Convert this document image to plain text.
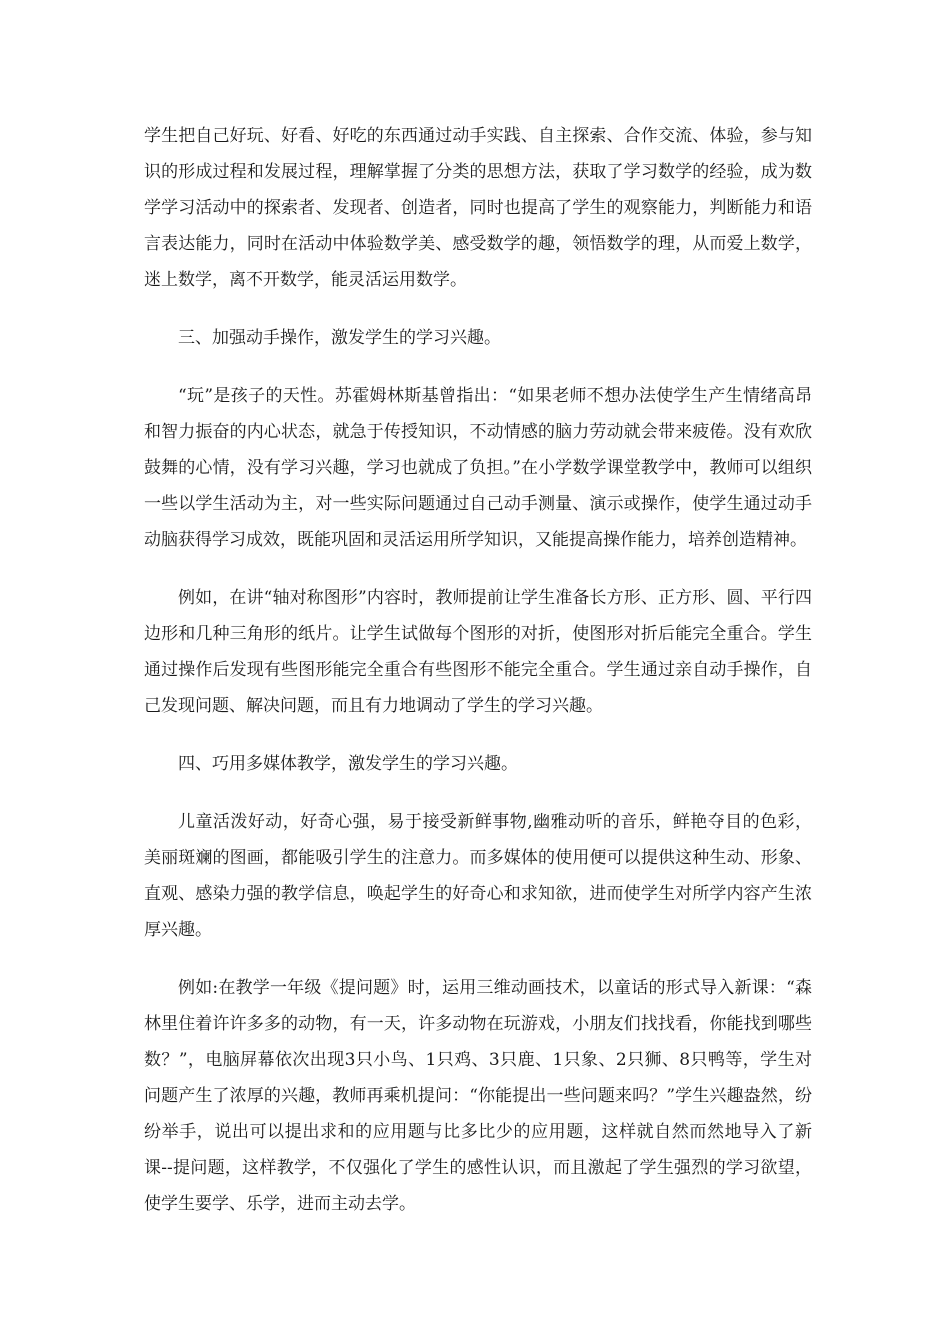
学生把自己好玩、好看、好吃的东西通过动手实践、自主探索、合作交流、体验，参与知识的形成过程和发展过程，理解掌握了分类的思想方法，获取了学习数学的经验，成为数学学习活动中的探索者、发现者、创造者，同时也提高了学生的观察能力，判断能力和语言表达能力，同时在活动中体验数学美、感受数学的趣，领悟数学的理，从而爱上数学，迷上数学，离不开数学，能灵活运用数学。

三、加强动手操作，激发学生的学习兴趣。

“玩”是孩子的天性。苏霍姆林斯基曾指出：“如果老师不想办法使学生产生情绪高昂和智力振奋的内心状态，就急于传授知识，不动情感的脑力劳动就会带来疲倦。没有欢欣鼓舞的心情，没有学习兴趣，学习也就成了负担。”在小学数学课堂教学中，教师可以组织一些以学生活动为主，对一些实际问题通过自己动手测量、演示或操作，使学生通过动手动脑获得学习成效，既能巩固和灵活运用所学知识，又能提高操作能力，培养创造精神。

例如，在讲“轴对称图形”内容时，教师提前让学生准备长方形、正方形、圆、平行四边形和几种三角形的纸片。让学生试做每个图形的对折，使图形对折后能完全重合。学生通过操作后发现有些图形能完全重合有些图形不能完全重合。学生通过亲自动手操作，自己发现问题、解决问题，而且有力地调动了学生的学习兴趣。

四、巧用多媒体教学，激发学生的学习兴趣。

儿童活泼好动，好奇心强，易于接受新鲜事物,幽雅动听的音乐，鲜艳夺目的色彩，美丽斑斓的图画，都能吸引学生的注意力。而多媒体的使用便可以提供这种生动、形象、直观、感染力强的教学信息，唤起学生的好奇心和求知欲，进而使学生对所学内容产生浓厚兴趣。

例如:在教学一年级《提问题》时，运用三维动画技术，以童话的形式导入新课：“森林里住着许许多多的动物，有一天，许多动物在玩游戏，小朋友们找找看，你能找到哪些数？”，电脑屏幕依次出现3只小鸟、1只鸡、3只鹿、1只象、2只狮、8只鸭等，学生对问题产生了浓厚的兴趣，教师再乘机提问：“你能提出一些问题来吗？”学生兴趣盎然，纷纷举手，说出可以提出求和的应用题与比多比少的应用题，这样就自然而然地导入了新课--提问题，这样教学，不仅强化了学生的感性认识，而且激起了学生强烈的学习欲望，使学生要学、乐学，进而主动去学。
